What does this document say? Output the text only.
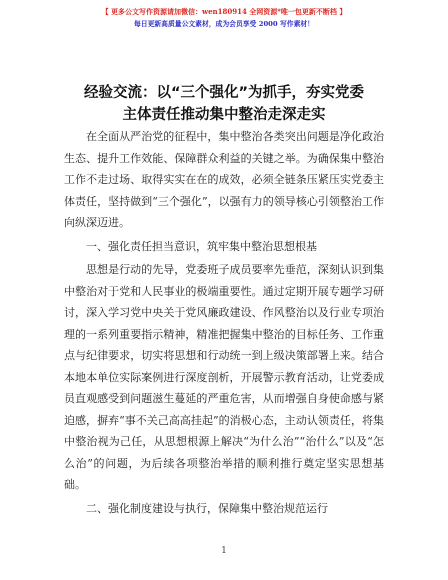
【 更多公文写作资源请加微信：wen180914 全网资源*唯一包更新不断档 】
每日更新高质量公文素材，成为会员享受 2000 写作素材！
经验交流：以“三个强化”为抓手，夯实党委
主体责任推动集中整治走深走实

在全面从严治党的征程中，集中整治各类突出问题是净化政治生态、提升工作效能、保障群众利益的关键之举。为确保集中整治工作不走过场、取得实实在在的成效，必须全链条压紧压实党委主体责任，坚持做到“三个强化”，以强有力的领导核心引领整治工作向纵深迈进。

一、强化责任担当意识，筑牢集中整治思想根基

思想是行动的先导，党委班子成员要率先垂范，深刻认识到集中整治对于党和人民事业的极端重要性。通过定期开展专题学习研讨，深入学习党中央关于党风廉政建设、作风整治以及行业专项治理的一系列重要指示精神，精准把握集中整治的目标任务、工作重点与纪律要求，切实将思想和行动统一到上级决策部署上来。结合本地本单位实际案例进行深度剖析，开展警示教育活动，让党委成员直观感受到问题滋生蔓延的严重危害，从而增强自身使命感与紧迫感，摒弃“事不关己高高挂起”的消极心态，主动认领责任，将集中整治视为己任，从思想根源上解决“为什么治”“治什么”以及“怎么治”的问题，为后续各项整治举措的顺利推行奠定坚实思想基础。

二、强化制度建设与执行，保障集中整治规范运行

1
